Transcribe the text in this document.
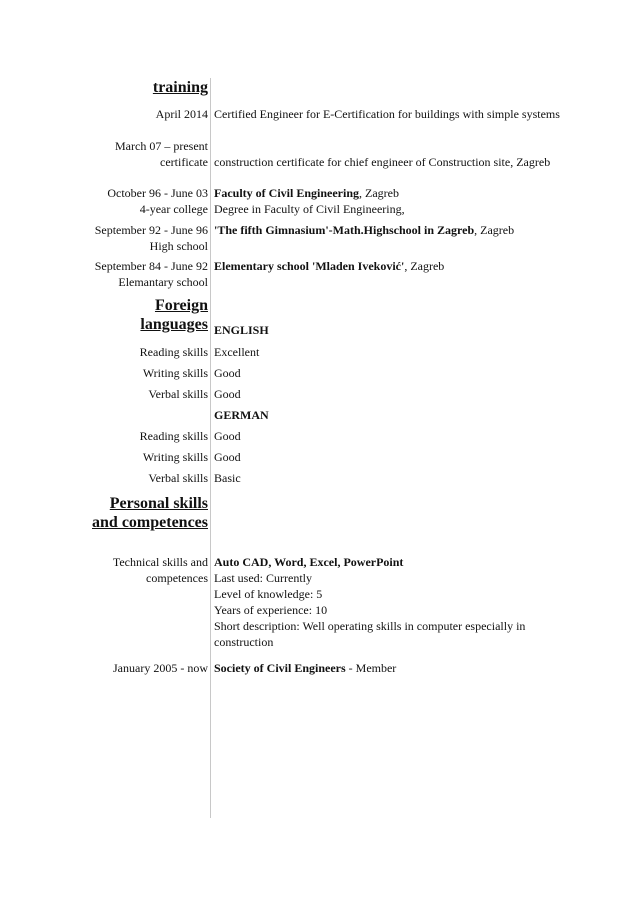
training
April 2014 Certified Engineer for E-Certification for buildings with simple systems
March 07 – present
certificate construction certificate for chief engineer of Construction site, Zagreb
October 96 - June 03
4-year college
Faculty of Civil Engineering, Zagreb
Degree in Faculty of Civil Engineering,
September 92 - June 96
High school
'The fifth Gimnasium'-Math.Highschool in Zagreb, Zagreb
September 84 - June 92
Elemantary school
Elementary school 'Mladen Iveković', Zagreb
Foreign
languages ENGLISH
Reading skills Excellent
Writing skills Good
Verbal skills Good
GERMAN
Reading skills Good
Writing skills Good
Verbal skills Basic
Personal skills
and competences
Technical skills and
competences
Auto CAD, Word, Excel, PowerPoint
Last used: Currently
Level of knowledge: 5
Years of experience: 10
Short description: Well operating skills in computer especially in construction
January 2005 - now Society of Civil Engineers - Member
